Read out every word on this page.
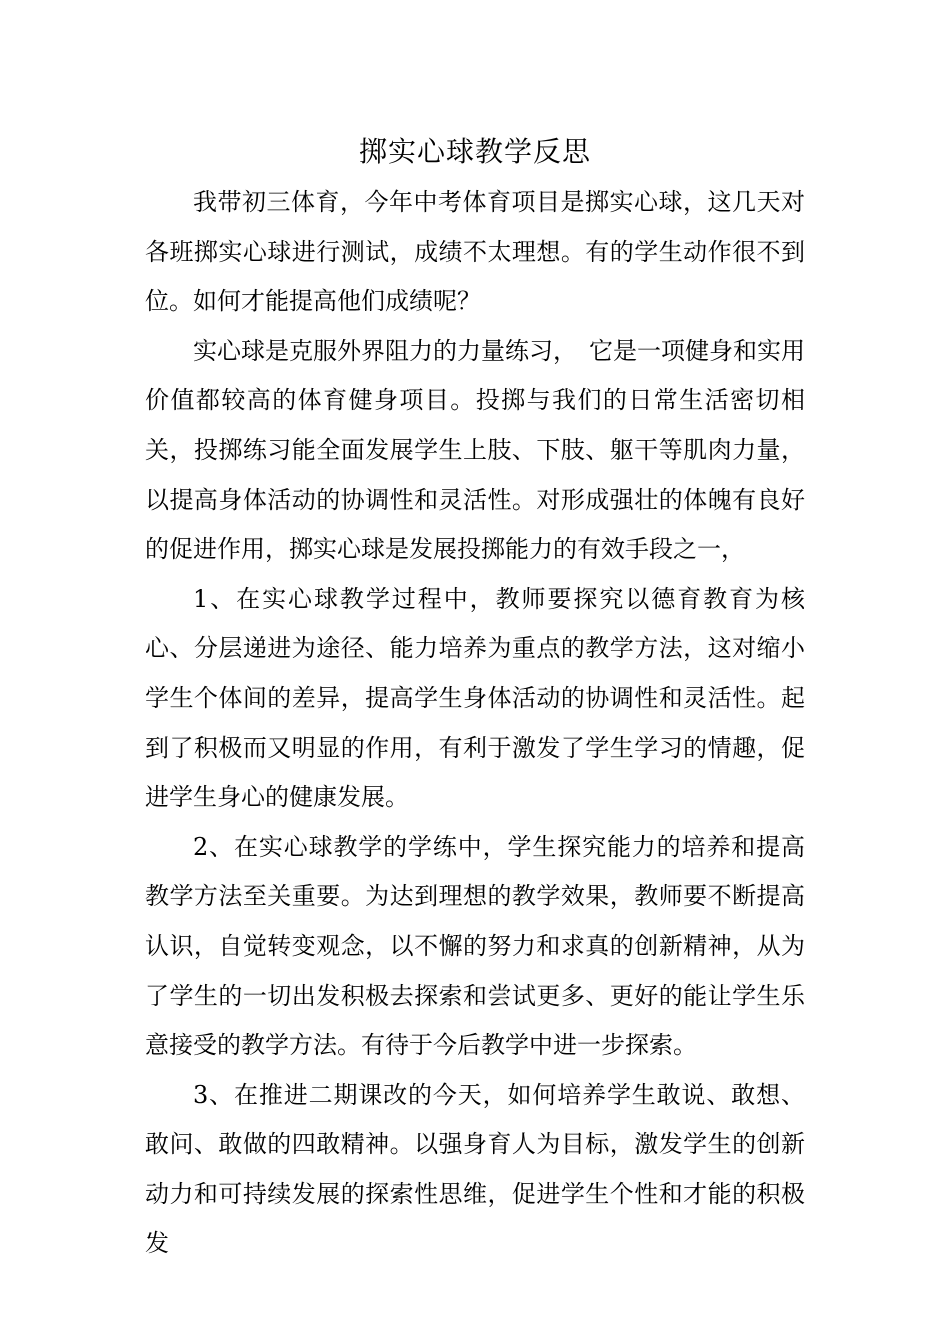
掷实心球教学反思

我带初三体育，今年中考体育项目是掷实心球，这几天对各班掷实心球进行测试，成绩不太理想。有的学生动作很不到位。如何才能提高他们成绩呢？

实心球是克服外界阻力的力量练习，　它是一项健身和实用价值都较高的体育健身项目。投掷与我们的日常生活密切相关，投掷练习能全面发展学生上肢、下肢、躯干等肌肉力量，以提高身体活动的协调性和灵活性。对形成强壮的体魄有良好的促进作用，掷实心球是发展投掷能力的有效手段之一，

1、在实心球教学过程中，教师要探究以德育教育为核心、分层递进为途径、能力培养为重点的教学方法，这对缩小学生个体间的差异，提高学生身体活动的协调性和灵活性。起到了积极而又明显的作用，有利于激发了学生学习的情趣，促进学生身心的健康发展。

2、在实心球教学的学练中，学生探究能力的培养和提高教学方法至关重要。为达到理想的教学效果，教师要不断提高认识，自觉转变观念，以不懈的努力和求真的创新精神，从为了学生的一切出发积极去探索和尝试更多、更好的能让学生乐意接受的教学方法。有待于今后教学中进一步探索。

3、在推进二期课改的今天，如何培养学生敢说、敢想、敢问、敢做的四敢精神。以强身育人为目标，激发学生的创新动力和可持续发展的探索性思维，促进学生个性和才能的积极发
